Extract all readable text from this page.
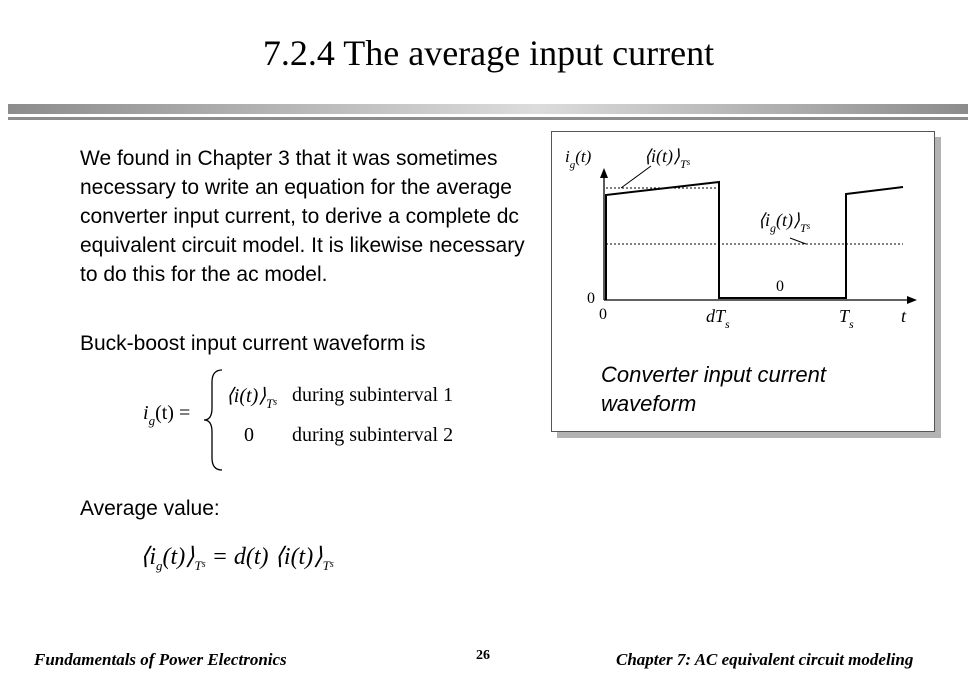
7.2.4 The average input current
We found in Chapter 3 that it was sometimes necessary to write an equation for the average converter input current, to derive a complete dc equivalent circuit model. It is likewise necessary to do this for the ac model.
Buck-boost input current waveform is
$i_g(t)$ =
$⟨i(t)⟩_Ts$ during subinterval 1
0 during subinterval 2
Average value:
$⟨i_g(t)⟩_Ts = d(t)$ $⟨i(t)⟩_Ts$
$i_g(t)$	$⟨i(t)⟩_Ts$
$⟨i_g(t)⟩_Ts$
0
0
0	$dT_s$	$T_s$	t
Converter input current waveform
Fundamentals of Power Electronics	26	Chapter 7: AC equivalent circuit modeling
